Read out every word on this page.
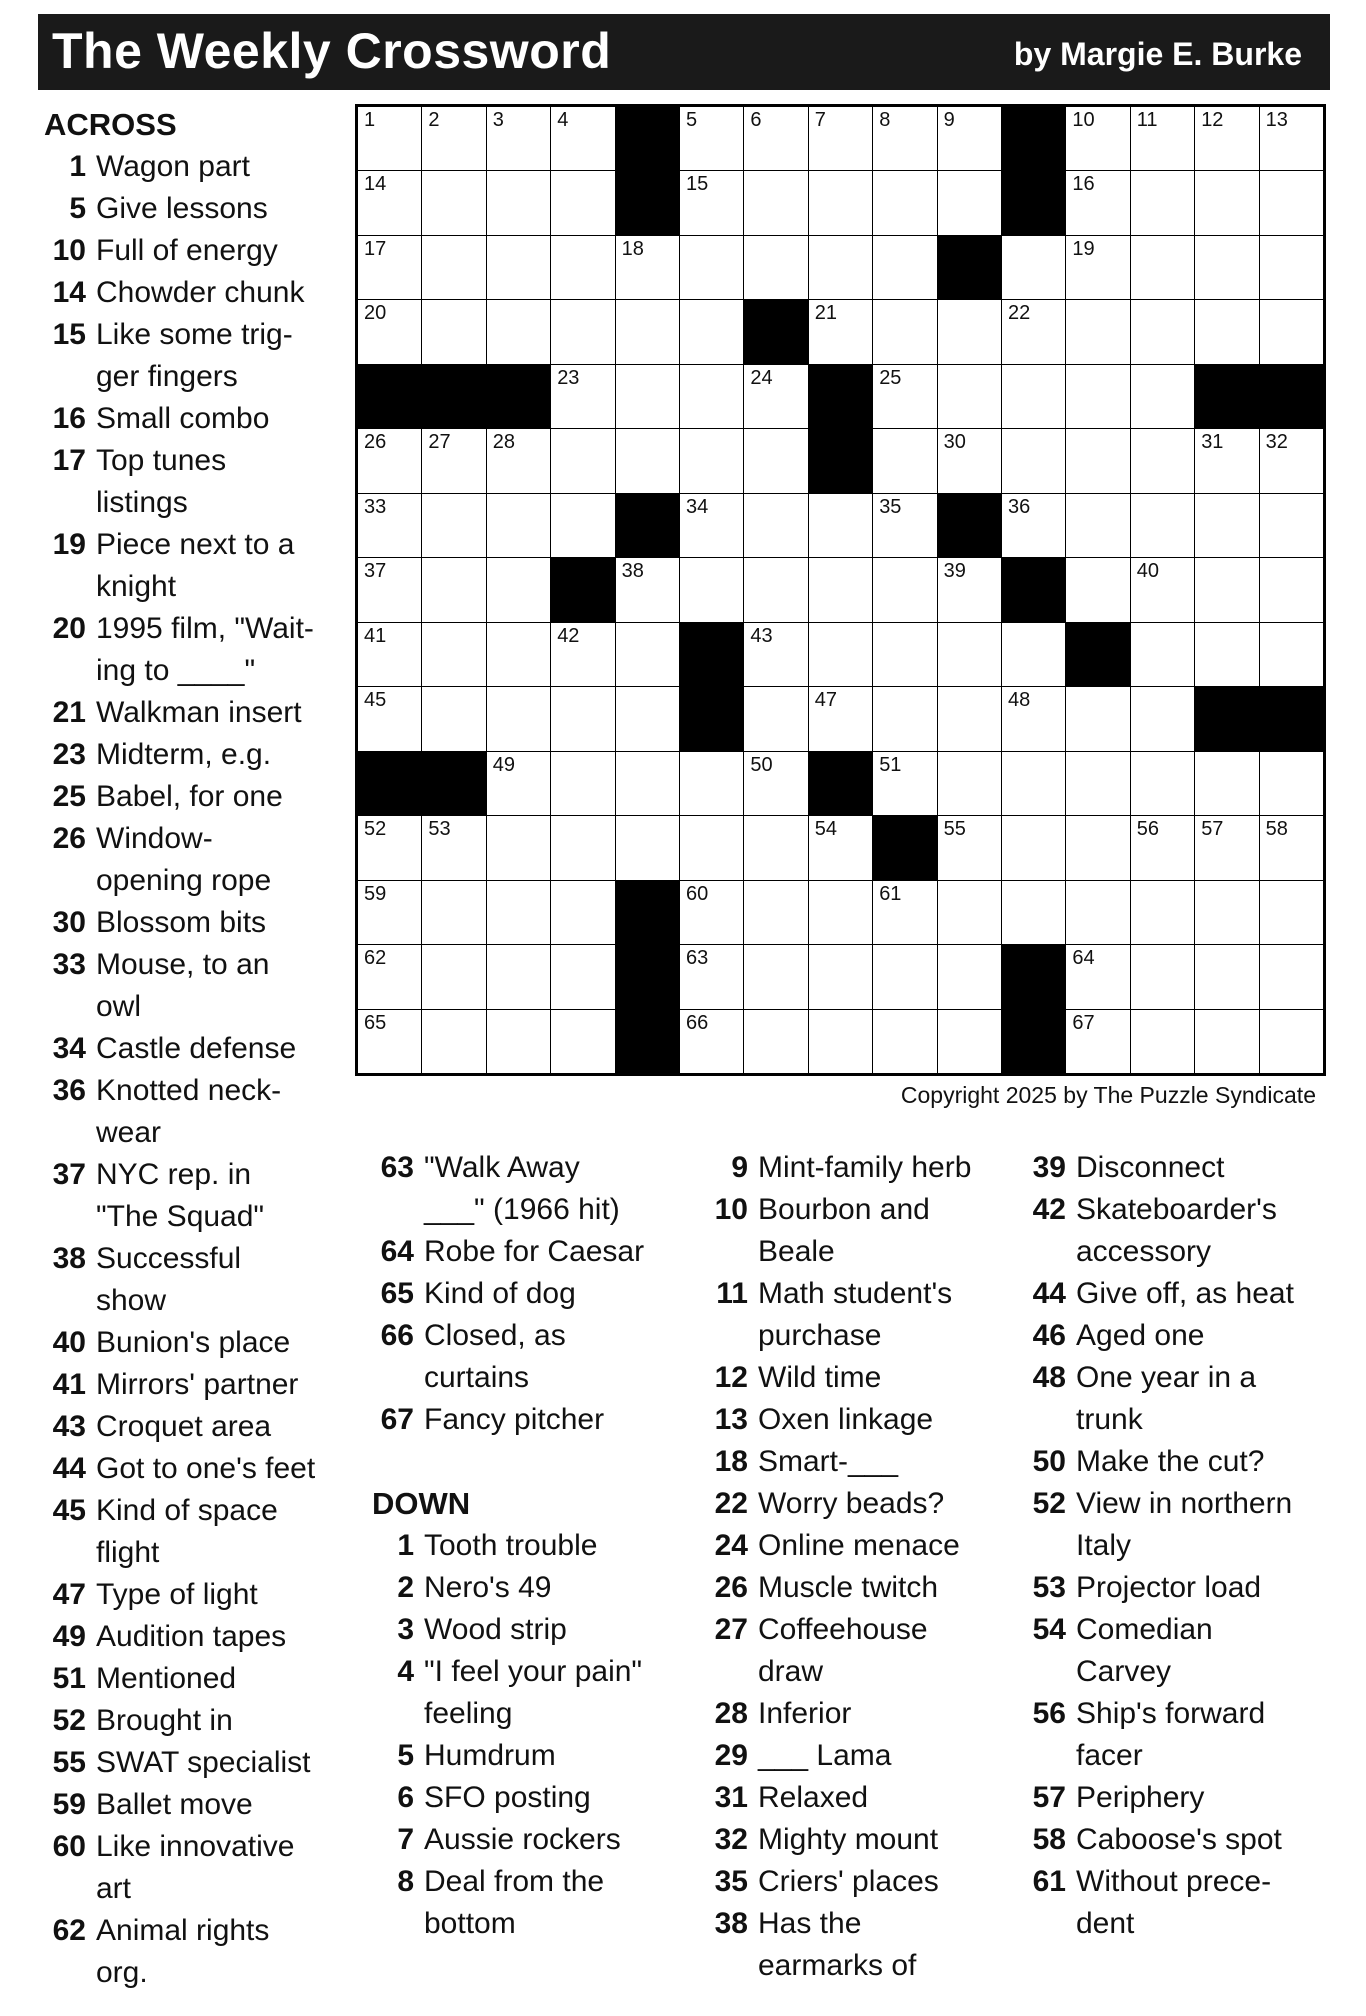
The Weekly Crossword	by Margie E. Burke
1	2	3	4	5	6	7	8	9	10 11 12 13
14	15	16
17	18	19
20	21	22
23	24	25
26 27 28	30	31 32
33	34	35	36
37	38	39	40
41	42	43
45	47	48
49	50	51
52 53	54	55	56 57 58
59	60	61
62	63	64
65	66	67
Copyright 2025 by The Puzzle Syndicate
ACROSS
1 Wagon part
5 Give lessons
10 Full of energy
14 Chowder chunk
15 Like some trig-
ger fingers
16 Small combo
17 Top tunes
listings
19 Piece next to a
knight
20 1995 film, "Wait-
ing to ____"
21 Walkman insert
23 Midterm, e.g.
25 Babel, for one
26 Window-
opening rope
30 Blossom bits
33 Mouse, to an
owl
34 Castle defense
36 Knotted neck-
wear
37 NYC rep. in
"The Squad"
38 Successful
show
40 Bunion's place
41 Mirrors' partner
43 Croquet area
44 Got to one's feet
45 Kind of space
flight
47 Type of light
49 Audition tapes
51 Mentioned
52 Brought in
55 SWAT specialist
59 Ballet move
60 Like innovative
art
62 Animal rights
org.
63 "Walk Away
___" (1966 hit)
64 Robe for Caesar
65 Kind of dog
66 Closed, as
curtains
67 Fancy pitcher
DOWN
1 Tooth trouble
2 Nero's 49
3 Wood strip
4 "I feel your pain"
feeling
5 Humdrum
6 SFO posting
7 Aussie rockers
8 Deal from the
bottom
9 Mint-family herb
10 Bourbon and
Beale
11 Math student's
purchase
12 Wild time
13 Oxen linkage
18 Smart-___
22 Worry beads?
24 Online menace
26 Muscle twitch
27 Coffeehouse
draw
28 Inferior
29 ___ Lama
31 Relaxed
32 Mighty mount
35 Criers' places
38 Has the
earmarks of
39 Disconnect
42 Skateboarder's
accessory
44 Give off, as heat
46 Aged one
48 One year in a
trunk
50 Make the cut?
52 View in northern
Italy
53 Projector load
54 Comedian
Carvey
56 Ship's forward
facer
57 Periphery
58 Caboose's spot
61 Without prece-
dent
